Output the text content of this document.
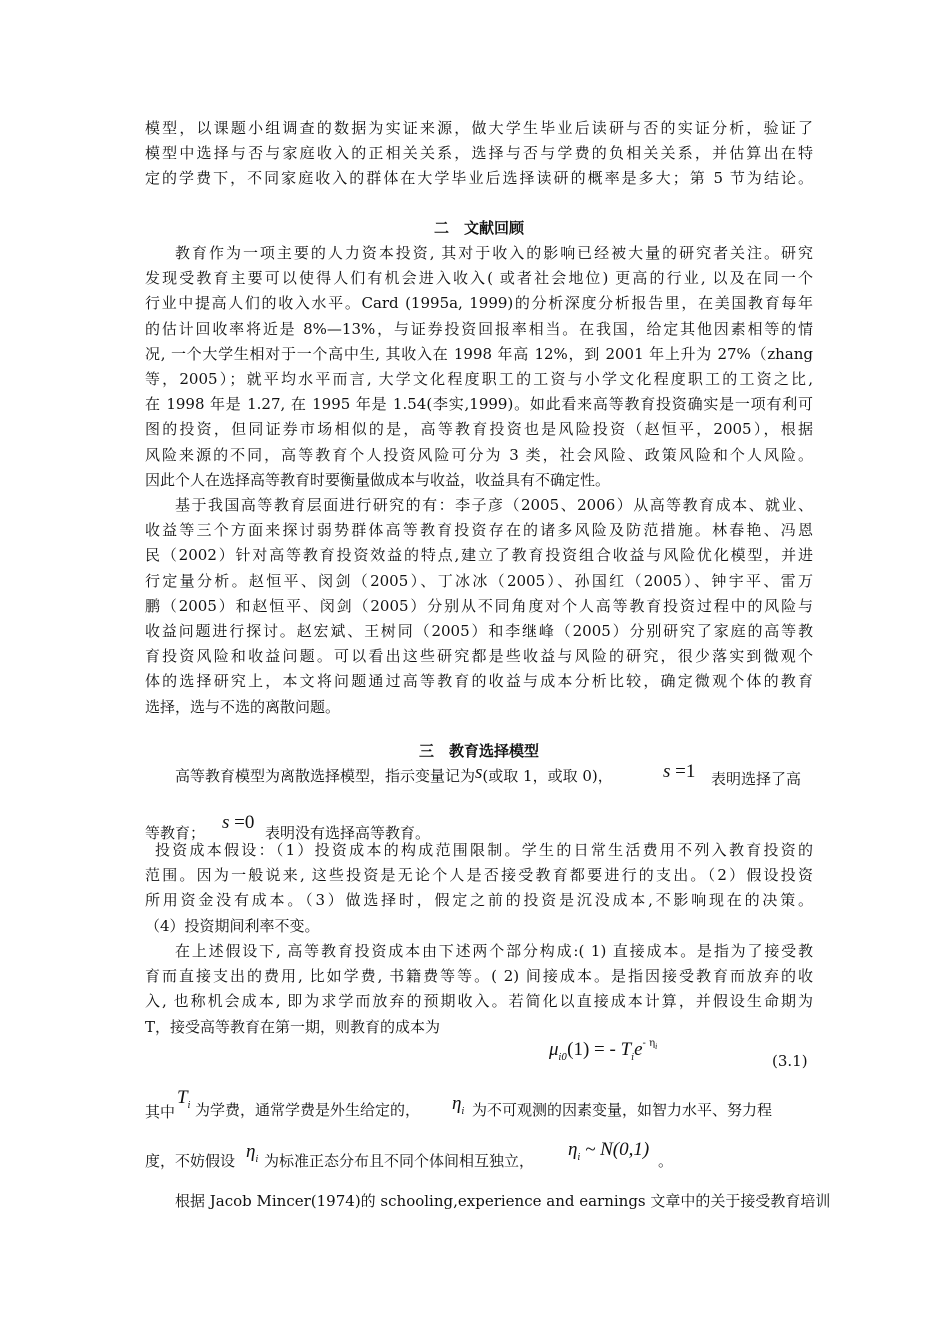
模型，以课题小组调查的数据为实证来源，做大学生毕业后读研与否的实证分析，验证了
模型中选择与否与家庭收入的正相关关系，选择与否与学费的负相关关系，并估算出在特
定的学费下，不同家庭收入的群体在大学毕业后选择读研的概率是多大；第 5 节为结论。
二　文献回顾
教育作为一项主要的人力资本投资, 其对于收入的影响已经被大量的研究者关注。研究
发现受教育主要可以使得人们有机会进入收入( 或者社会地位) 更高的行业, 以及在同一个
行业中提高人们的收入水平。Card (1995a, 1999)的分析深度分析报告里，在美国教育每年
的估计回收率将近是 8%—13%，与证券投资回报率相当。在我国，给定其他因素相等的情
况, 一个大学生相对于一个高中生, 其收入在 1998 年高 12%，到 2001 年上升为 27%（zhang
等，2005）；就平均水平而言, 大学文化程度职工的工资与小学文化程度职工的工资之比,
在 1998 年是 1.27, 在 1995 年是 1.54(李实,1999)。如此看来高等教育投资确实是一项有利可
图的投资，但同证券市场相似的是，高等教育投资也是风险投资（赵恒平，2005），根据
风险来源的不同，高等教育个人投资风险可分为 3 类，社会风险、政策风险和个人风险。
因此个人在选择高等教育时要衡量做成本与收益，收益具有不确定性。
基于我国高等教育层面进行研究的有：李子彦（2005、2006）从高等教育成本、就业、
收益等三个方面来探讨弱势群体高等教育投资存在的诸多风险及防范措施。林春艳、冯恩
民（2002）针对高等教育投资效益的特点,建立了教育投资组合收益与风险优化模型，并进
行定量分析。赵恒平、闵剑（2005）、丁冰冰（2005）、孙国红（2005）、钟宇平、雷万
鹏（2005）和赵恒平、闵剑（2005）分别从不同角度对个人高等教育投资过程中的风险与
收益问题进行探讨。赵宏斌、王树同（2005）和李继峰（2005）分别研究了家庭的高等教
育投资风险和收益问题。可以看出这些研究都是些收益与风险的研究，很少落实到微观个
体的选择研究上，本文将问题通过高等教育的收益与成本分析比较，确定微观个体的教育
选择，选与不选的离散问题。
三　教育选择模型
高等教育模型为离散选择模型，指示变量记为s(或取 1，或取 0)，	s =1 表明选择了高
等教育； s =0 表明没有选择高等教育。
投资成本假设：（1）投资成本的构成范围限制。学生的日常生活费用不列入教育投资的
范围。因为一般说来, 这些投资是无论个人是否接受教育都要进行的支出。（2）假设投资
所用资金没有成本。（3）做选择时，假定之前的投资是沉没成本,不影响现在的决策。
（4）投资期间利率不变。
在上述假设下, 高等教育投资成本由下述两个部分构成:( 1) 直接成本。是指为了接受教
育而直接支出的费用, 比如学费, 书籍费等等。( 2) 间接成本。是指因接受教育而放弃的收
入, 也称机会成本, 即为求学而放弃的预期收入。若简化以直接成本计算，并假设生命期为
T，接受高等教育在第一期，则教育的成本为
$\mu_{i0}(1)$ = - $T_ie^{- \eta i}$
(3.1)
其中
$T_i$ 为学费，通常学费是外生给定的， $\eta_i$ 为不可观测的因素变量，如智力水平、努力程
度，不妨假设 $\eta_i$ 为标准正态分布且不同个体间相互独立，
$\eta_i$ ~ N(0,1)
。
根据 Jacob Mincer(1974)的 schooling,experience and earnings 文章中的关于接受教育培训
